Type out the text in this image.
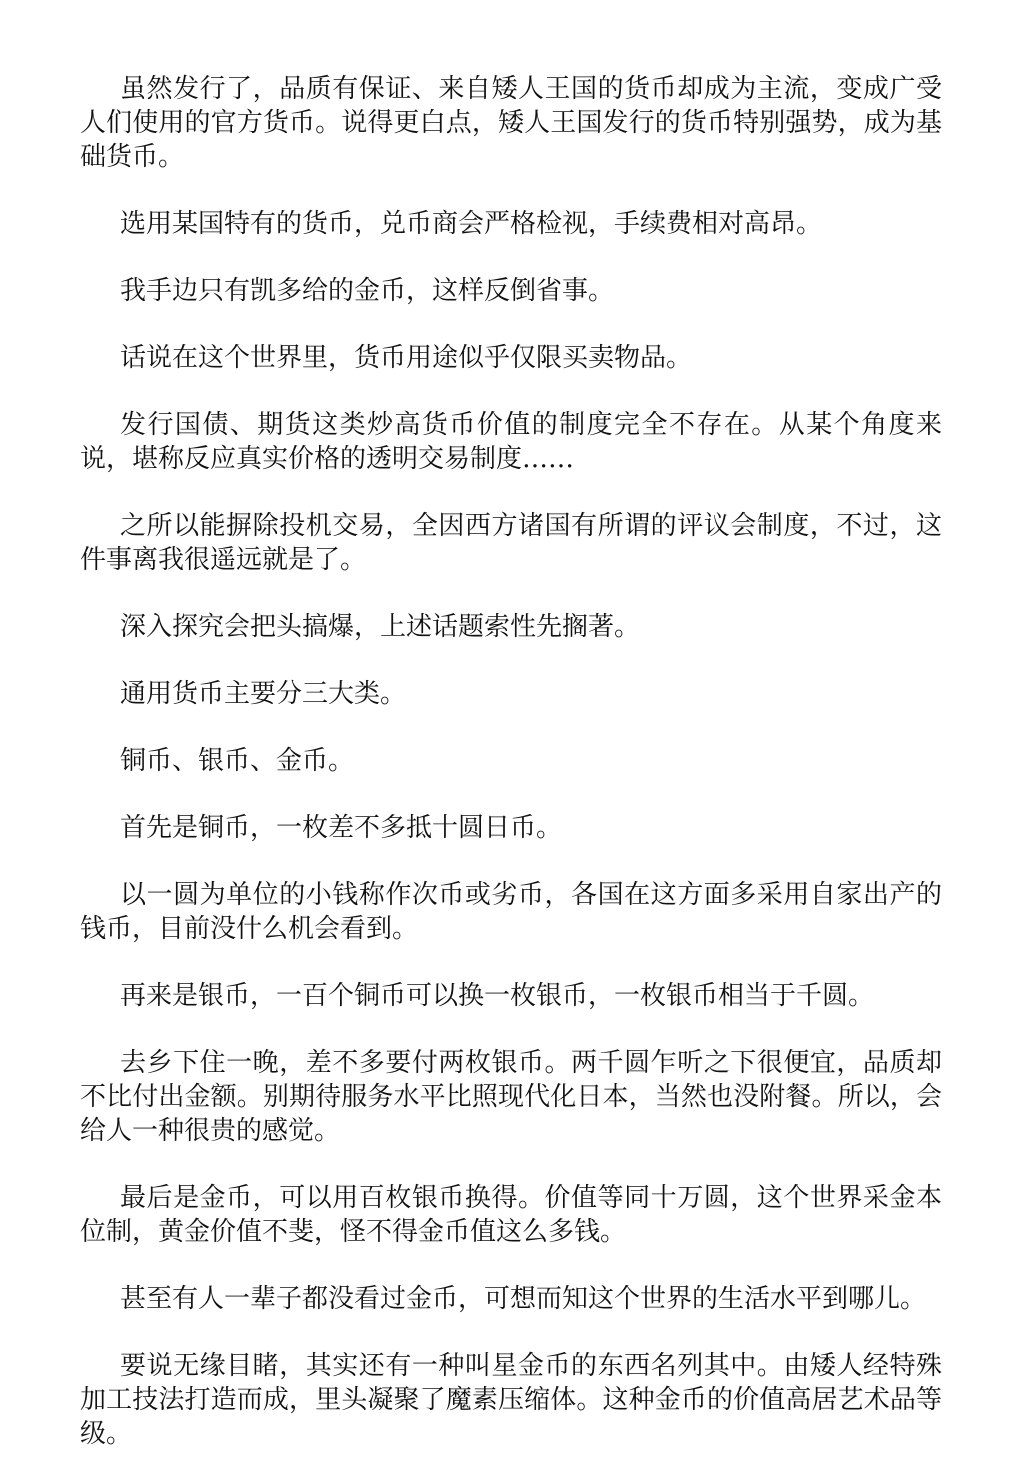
虽然发行了，品质有保证、来自矮人王国的货币却成为主流，变成广受人们使用的官方货币。说得更白点，矮人王国发行的货币特别强势，成为基础货币。

选用某国特有的货币，兑币商会严格检视，手续费相对高昂。

我手边只有凯多给的金币，这样反倒省事。

话说在这个世界里，货币用途似乎仅限买卖物品。

发行国债、期货这类炒高货币价值的制度完全不存在。从某个角度来说，堪称反应真实价格的透明交易制度……

之所以能摒除投机交易，全因西方诸国有所谓的评议会制度，不过，这件事离我很遥远就是了。

深入探究会把头搞爆，上述话题索性先搁著。

通用货币主要分三大类。

铜币、银币、金币。

首先是铜币，一枚差不多抵十圆日币。

以一圆为单位的小钱称作次币或劣币，各国在这方面多采用自家出产的钱币，目前没什么机会看到。

再来是银币，一百个铜币可以换一枚银币，一枚银币相当于千圆。

去乡下住一晚，差不多要付两枚银币。两千圆乍听之下很便宜，品质却不比付出金额。别期待服务水平比照现代化日本，当然也没附餐。所以，会给人一种很贵的感觉。

最后是金币，可以用百枚银币换得。价值等同十万圆，这个世界采金本位制，黄金价值不斐，怪不得金币值这么多钱。

甚至有人一辈子都没看过金币，可想而知这个世界的生活水平到哪儿。

要说无缘目睹，其实还有一种叫星金币的东西名列其中。由矮人经特殊加工技法打造而成，里头凝聚了魔素压缩体。这种金币的价值高居艺术品等级。
